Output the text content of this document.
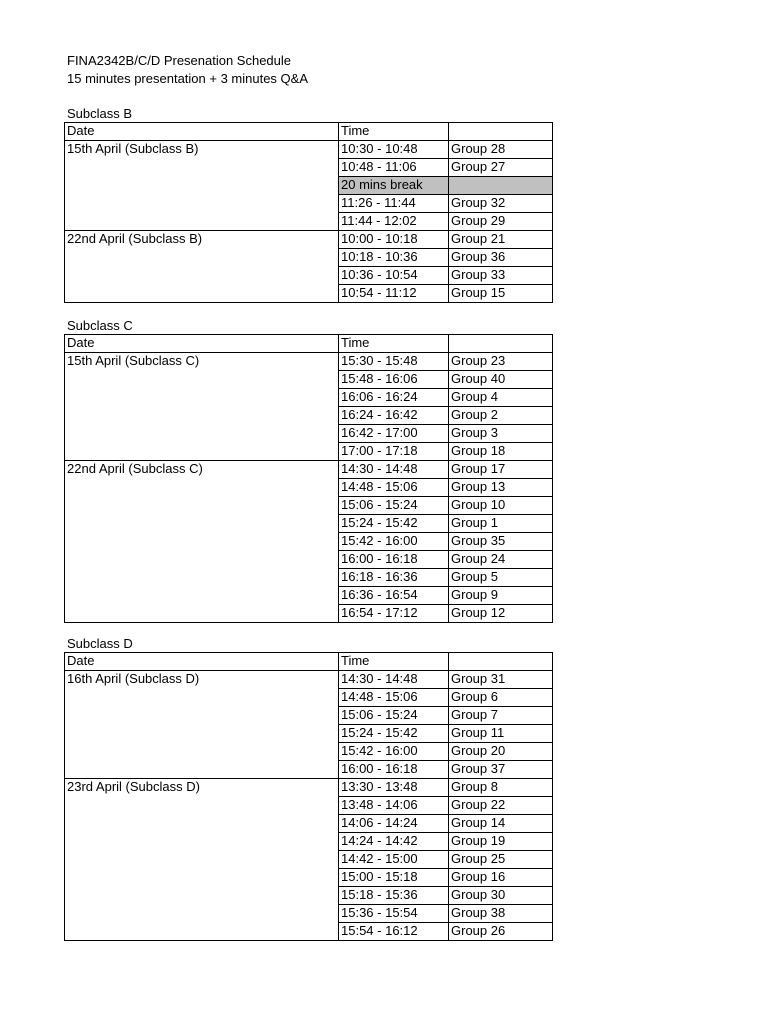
FINA2342B/C/D Presenation Schedule
15 minutes presentation + 3 minutes Q&A
Subclass B
Date	Time	
15th April (Subclass B)	10:30 - 10:48	Group 28
	10:48 - 11:06	Group 27
	20 mins break	
	11:26 - 11:44	Group 32
	11:44 - 12:02	Group 29
22nd April (Subclass B)	10:00 - 10:18	Group 21
	10:18 - 10:36	Group 36
	10:36 - 10:54	Group 33
	10:54 - 11:12	Group 15
Subclass C
Date	Time	
15th April (Subclass C)	15:30 - 15:48	Group 23
	15:48 - 16:06	Group 40
	16:06 - 16:24	Group 4
	16:24 - 16:42	Group 2
	16:42 - 17:00	Group 3
	17:00 - 17:18	Group 18
22nd April (Subclass C)	14:30 - 14:48	Group 17
	14:48 - 15:06	Group 13
	15:06 - 15:24	Group 10
	15:24 - 15:42	Group 1
	15:42 - 16:00	Group 35
	16:00 - 16:18	Group 24
	16:18 - 16:36	Group 5
	16:36 - 16:54	Group 9
	16:54 - 17:12	Group 12
Subclass D
Date	Time	
16th April (Subclass D)	14:30 - 14:48	Group 31
	14:48 - 15:06	Group 6
	15:06 - 15:24	Group 7
	15:24 - 15:42	Group 11
	15:42 - 16:00	Group 20
	16:00 - 16:18	Group 37
23rd April (Subclass D)	13:30 - 13:48	Group 8
	13:48 - 14:06	Group 22
	14:06 - 14:24	Group 14
	14:24 - 14:42	Group 19
	14:42 - 15:00	Group 25
	15:00 - 15:18	Group 16
	15:18 - 15:36	Group 30
	15:36 - 15:54	Group 38
	15:54 - 16:12	Group 26
